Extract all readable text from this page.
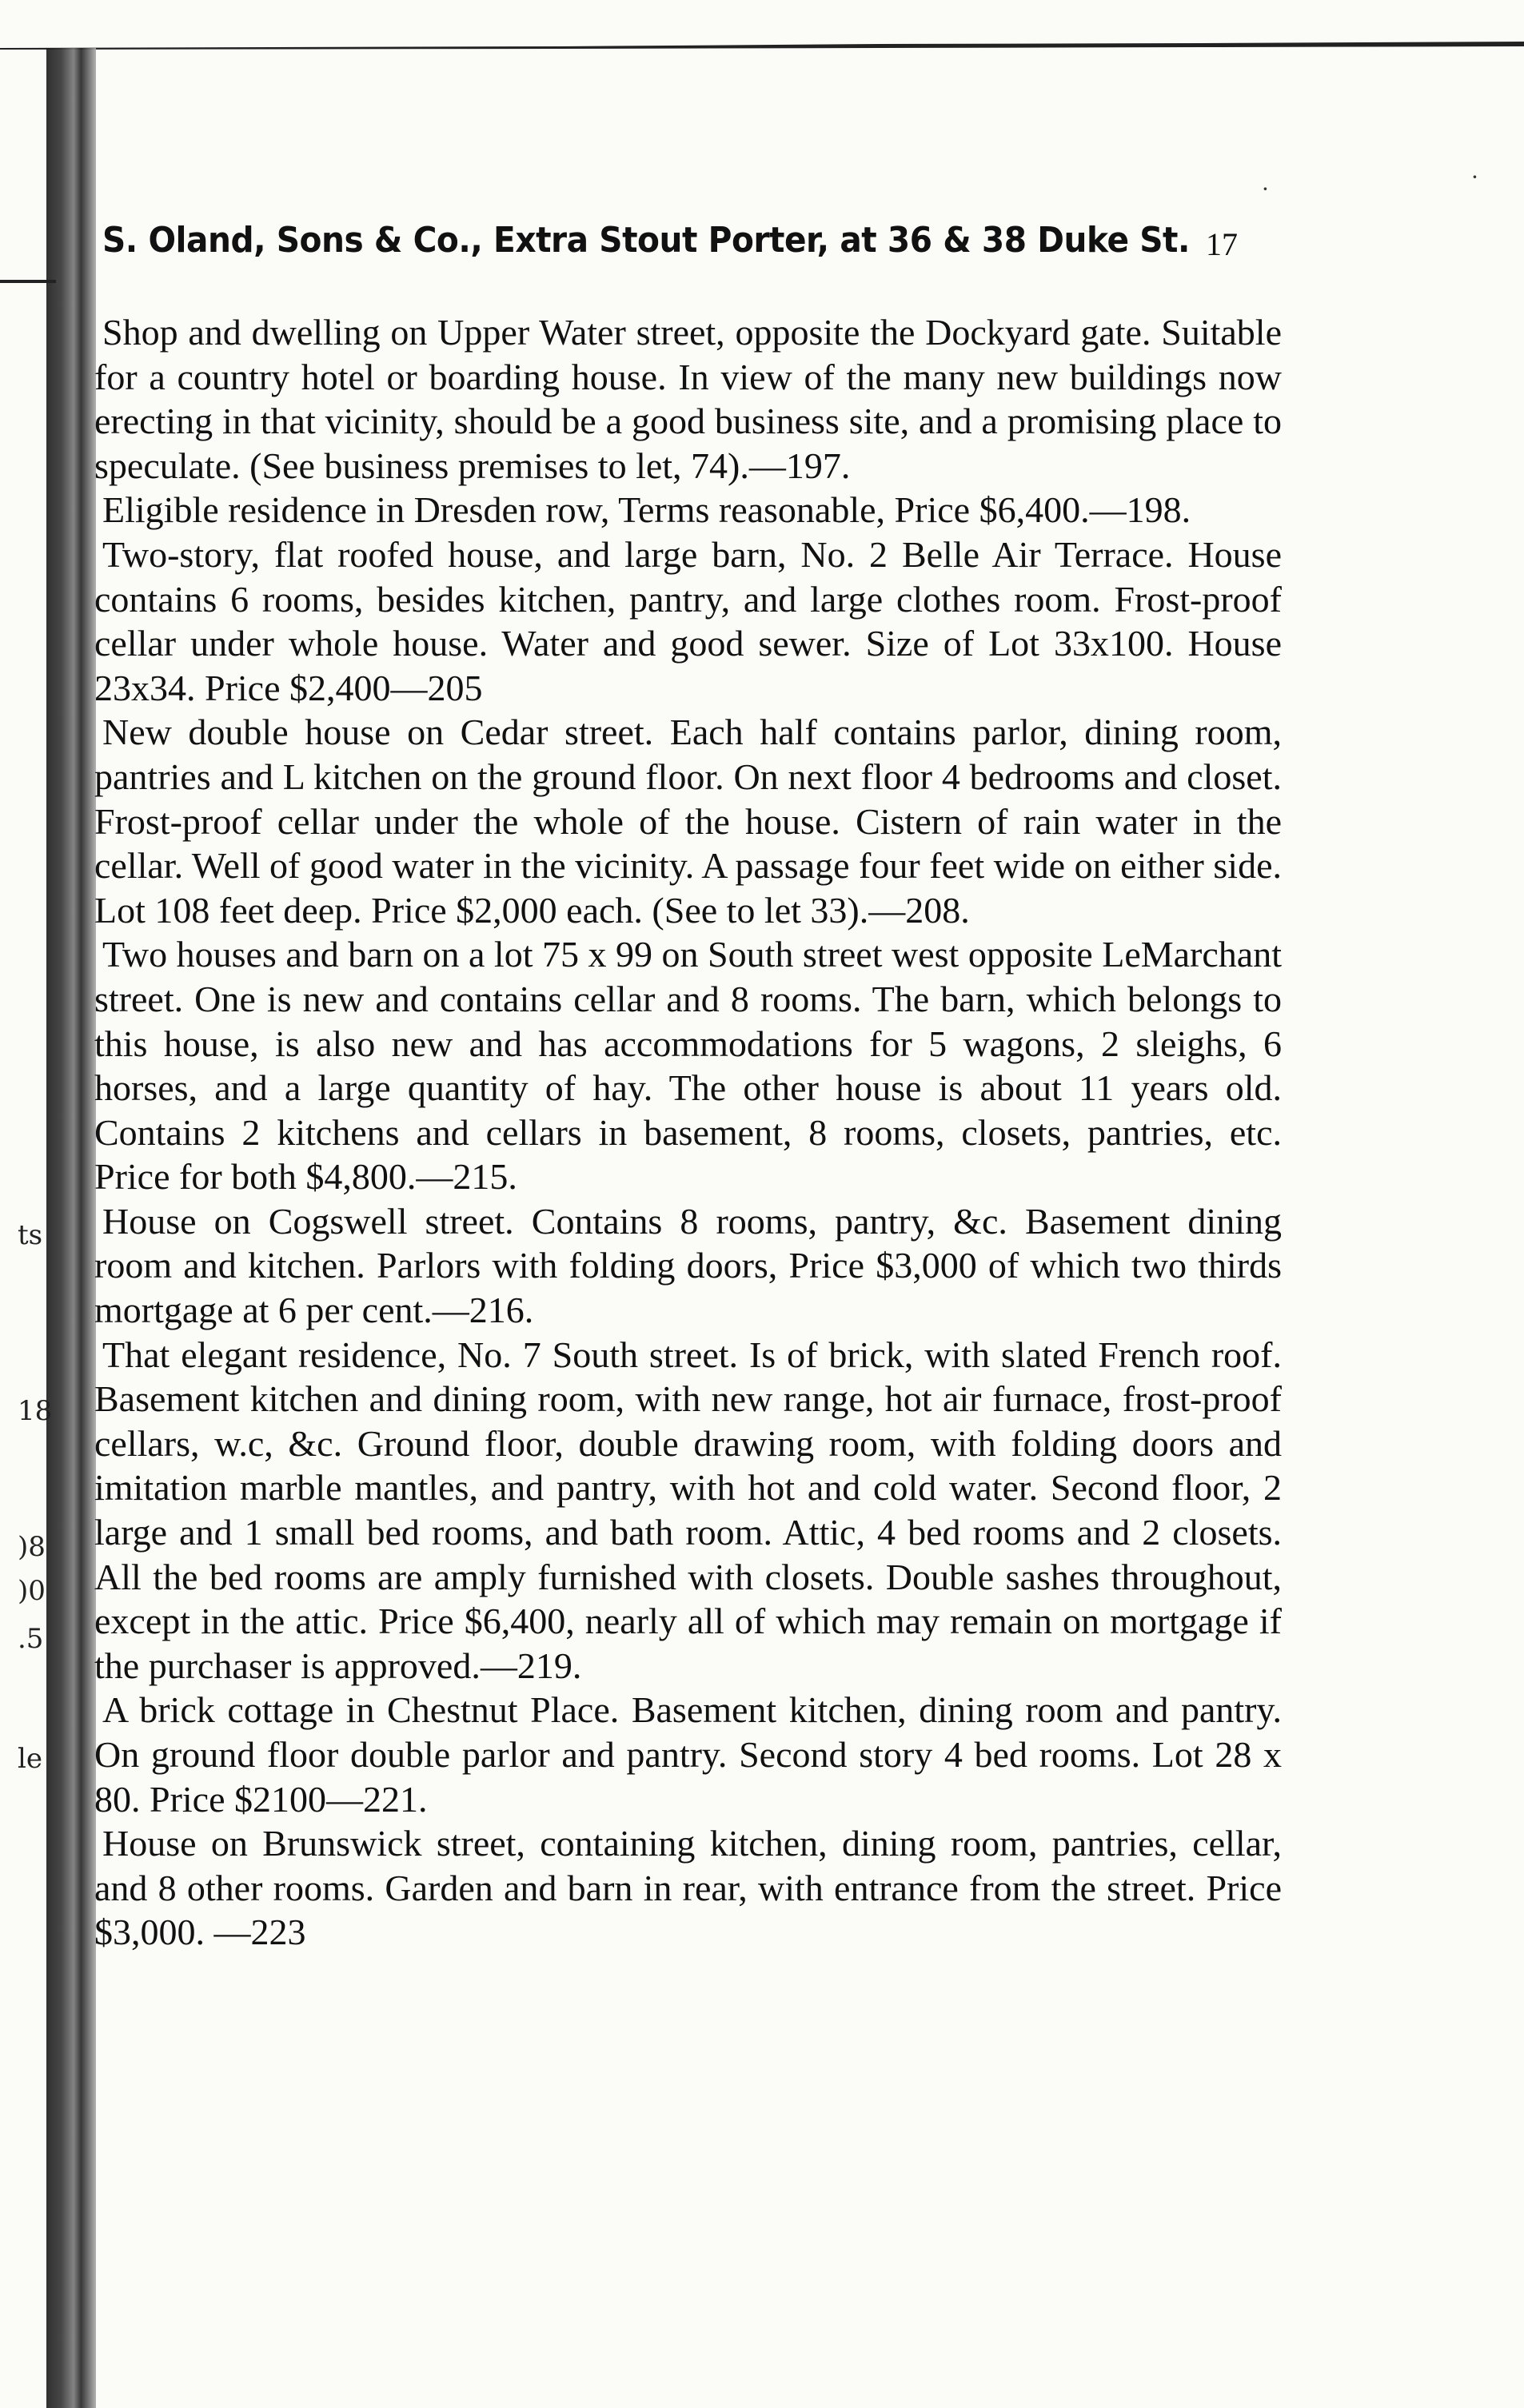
ts
18
)8
)0
.5
le
·	·
S. Oland, Sons & Co., Extra Stout Porter, at 36 & 38 Duke St. 17

Shop and dwelling on Upper Water street, opposite the Dockyard gate. Suitable for a country hotel or boarding house. In view of the many new buildings now erecting in that vicinity, should be a good business site, and a promising place to speculate. (See business premises to let, 74).—197.

Eligible residence in Dresden row, Terms reasonable, Price $6,400.—198.

Two-story, flat roofed house, and large barn, No. 2 Belle Air Terrace. House contains 6 rooms, besides kitchen, pantry, and large clothes room. Frost-proof cellar under whole house. Water and good sewer. Size of Lot 33x100. House 23x34. Price $2,400—205

New double house on Cedar street. Each half contains parlor, dining room, pantries and L kitchen on the ground floor. On next floor 4 bedrooms and closet. Frost-proof cellar under the whole of the house. Cistern of rain water in the cellar. Well of good water in the vicinity. A passage four feet wide on either side. Lot 108 feet deep. Price $2,000 each. (See to let 33).—208.

Two houses and barn on a lot 75 x 99 on South street west opposite LeMarchant street. One is new and contains cellar and 8 rooms. The barn, which belongs to this house, is also new and has accommodations for 5 wagons, 2 sleighs, 6 horses, and a large quantity of hay. The other house is about 11 years old. Contains 2 kitchens and cellars in basement, 8 rooms, closets, pantries, etc. Price for both $4,800.—215.

House on Cogswell street. Contains 8 rooms, pantry, &c. Basement dining room and kitchen. Parlors with folding doors, Price $3,000 of which two thirds mortgage at 6 per cent.—216.

That elegant residence, No. 7 South street. Is of brick, with slated French roof. Basement kitchen and dining room, with new range, hot air furnace, frost-proof cellars, w.c, &c. Ground floor, double drawing room, with folding doors and imitation marble mantles, and pantry, with hot and cold water. Second floor, 2 large and 1 small bed rooms, and bath room. Attic, 4 bed rooms and 2 closets. All the bed rooms are amply furnished with closets. Double sashes throughout, except in the attic. Price $6,400, nearly all of which may remain on mortgage if the purchaser is approved.—219.

A brick cottage in Chestnut Place. Basement kitchen, dining room and pantry. On ground floor double parlor and pantry. Second story 4 bed rooms. Lot 28 x 80. Price $2100—221.

House on Brunswick street, containing kitchen, dining room, pantries, cellar, and 8 other rooms. Garden and barn in rear, with entrance from the street. Price $3,000. —223
